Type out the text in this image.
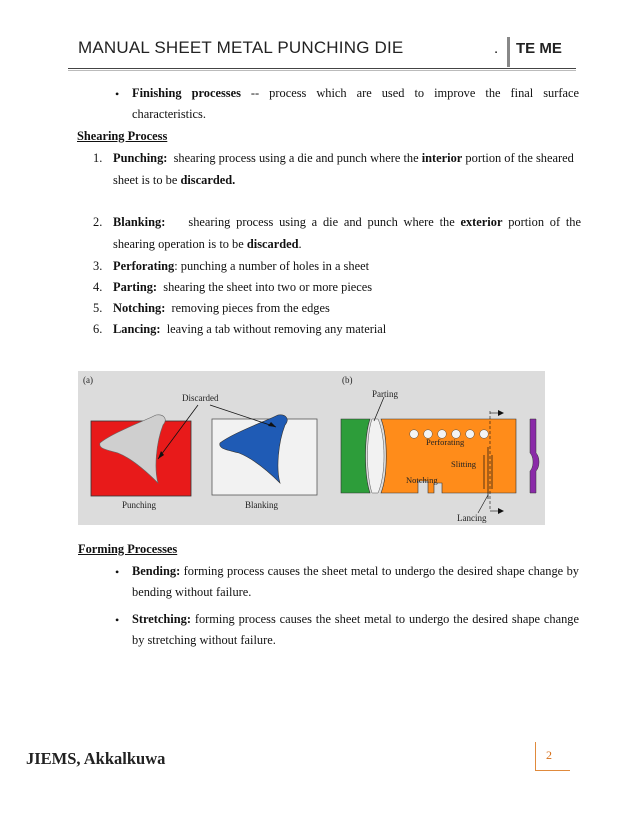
MANUAL SHEET METAL PUNCHING DIE	. TE ME
• Finishing processes -- process which are used to improve the final surface
characteristics.
Shearing Process
1. Punching: shearing process using a die and punch where the interior portion of the sheared
sheet is to be discarded.
2. Blanking: shearing process using a die and punch where the exterior portion of the
shearing operation is to be discarded.
3. Perforating: punching a number of holes in a sheet
4. Parting: shearing the sheet into two or more pieces
5. Notching: removing pieces from the edges
6. Lancing: leaving a tab without removing any material
(a)
Discarded
Punching	Blanking
(b)
Parting
Perforating
Slitting
Notching
Lancing
Forming Processes
• Bending: forming process causes the sheet metal to undergo the desired shape change by
bending without failure.
• Stretching: forming process causes the sheet metal to undergo the desired shape change
by stretching without failure.
JIEMS, Akkalkuwa	2
